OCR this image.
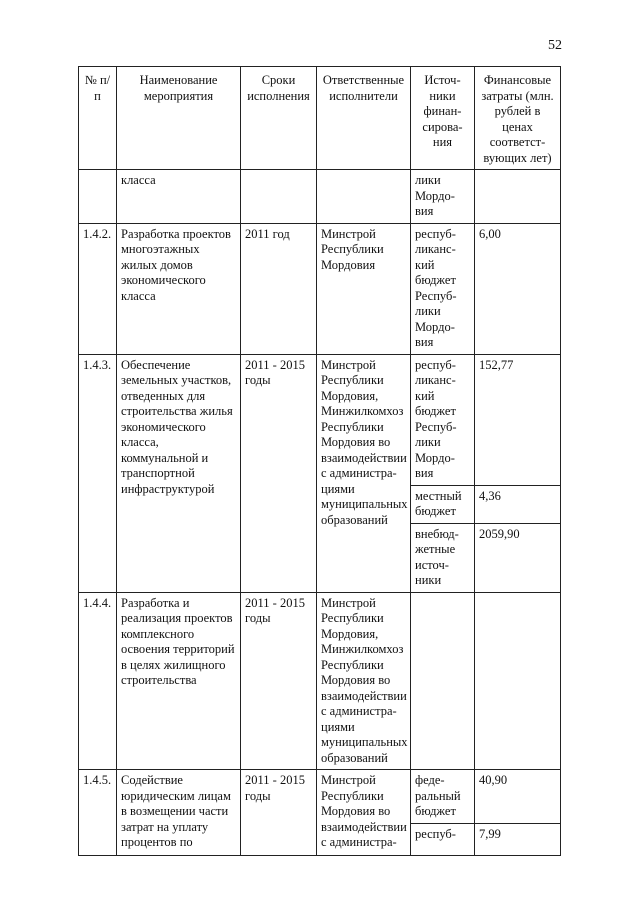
52
№ п/п	Наименование мероприятия	Сроки исполнения	Ответственные исполнители	Источ-ники финан-сирова-ния	Финансовые затраты (млн. рублей в ценах соответст-вующих лет)
	класса			лики Мордо-вия	
1.4.2.	Разработка проектов многоэтажных жилых домов экономического класса	2011 год	Минстрой Республики Мордовия	респуб-ликанс-кий бюджет Респуб-лики Мордо-вия	6,00
1.4.3.	Обеспечение земельных участков, отведенных для строительства жилья экономического класса, коммунальной и транспортной инфраструктурой	2011 - 2015 годы	Минстрой Республики Мордовия, Минжилкомхоз Республики Мордовия во взаимодействии с администра-циями муниципальных образований	респуб-ликанс-кий бюджет Респуб-лики Мордо-вия	152,77
				местный бюджет	4,36
				внебюд-жетные источ-ники	2059,90
1.4.4.	Разработка и реализация проектов комплексного освоения территорий в целях жилищного строительства	2011 - 2015 годы	Минстрой Республики Мордовия, Минжилкомхоз Республики Мордовия во взаимодействии с администра-циями муниципальных образований		
1.4.5.	Содействие юридическим лицам в возмещении части затрат на уплату процентов по	2011 - 2015 годы	Минстрой Республики Мордовия во взаимодействии с администра-	феде-ральный бюджет	40,90
				респуб-	7,99
